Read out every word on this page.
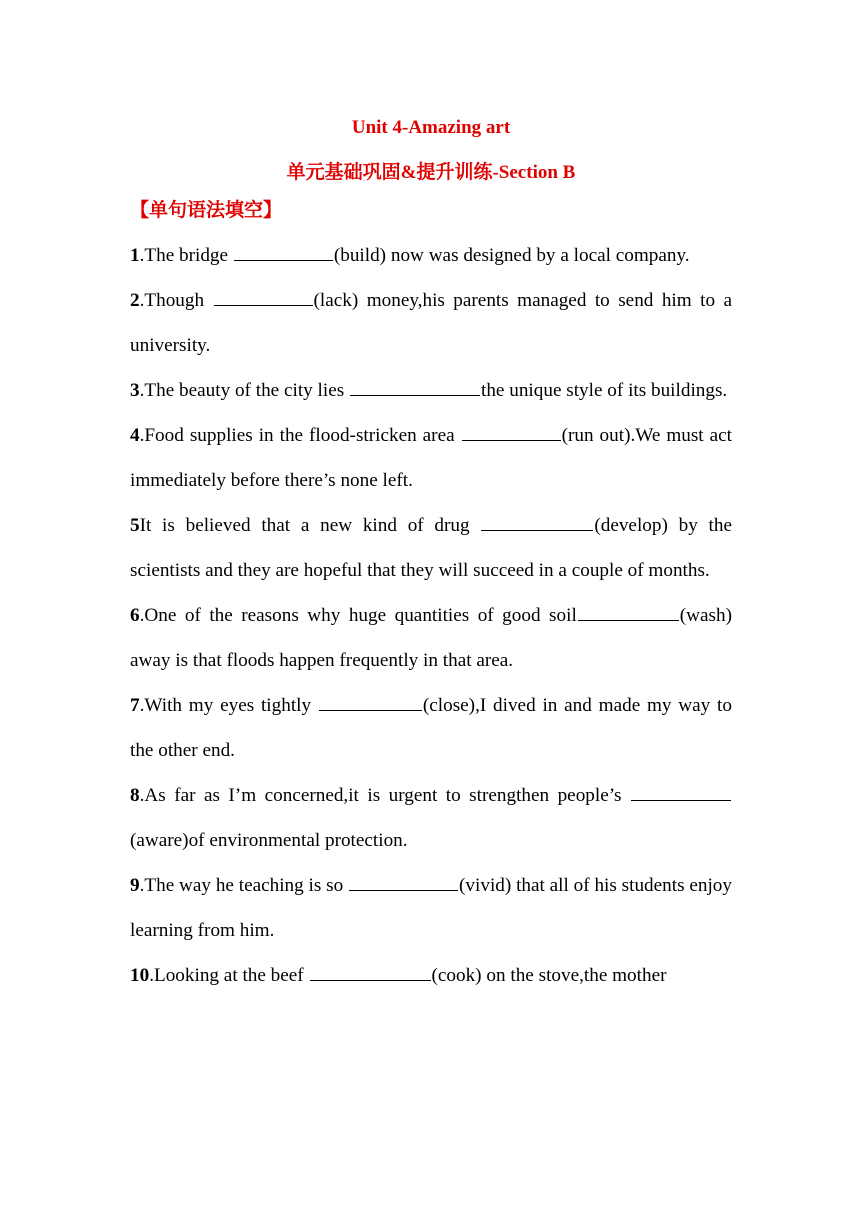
Unit 4-Amazing art

单元基础巩固&提升训练-Section B

【单句语法填空】

1.The bridge	(build) now was designed by a local company.

2.Though	(lack) money,his parents managed to send him to a university.

3.The beauty of the city lies	the unique style of its buildings.

4.Food supplies in the flood-stricken area	(run out).We must act immediately before there’s none left.

5It is believed that a new kind of drug	(develop) by the scientists and they are hopeful that they will succeed in a couple of months.

6.One of the reasons why huge quantities of good soil	(wash) away is that floods happen frequently in that area.

7.With my eyes tightly	(close),I dived in and made my way to the other end.

8.As far as I’m concerned,it is urgent to strengthen people’s (aware)of environmental protection.

9.The way he teaching is so	(vivid) that all of his students enjoy learning from him.

10.Looking at the beef	(cook) on the stove,the mother
